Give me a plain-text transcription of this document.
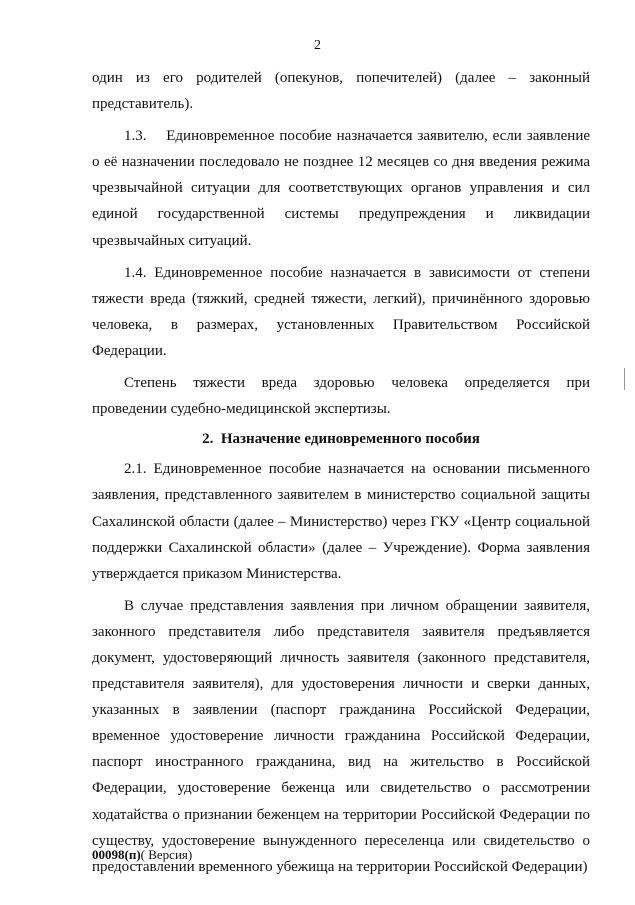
2

один из его родителей (опекунов, попечителей) (далее – законный представитель).

1.3.    Единовременное пособие назначается заявителю, если заявление о её назначении последовало не позднее 12 месяцев со дня введения режима чрезвычайной ситуации для соответствующих органов управления и сил единой государственной системы предупреждения и ликвидации чрезвычайных ситуаций.

1.4. Единовременное пособие назначается в зависимости от степени тяжести вреда (тяжкий, средней тяжести, легкий), причинённого здоровью человека, в размерах, установленных Правительством Российской Федерации.

Степень тяжести вреда здоровью человека определяется при проведении судебно-медицинской экспертизы.

2.  Назначение единовременного пособия

2.1. Единовременное пособие назначается на основании письменного заявления, представленного заявителем в министерство социальной защиты Сахалинской области (далее – Министерство) через ГКУ «Центр социальной поддержки Сахалинской области» (далее – Учреждение). Форма заявления утверждается приказом Министерства.

В случае представления заявления при личном обращении заявителя, законного представителя либо представителя заявителя предъявляется документ, удостоверяющий личность заявителя (законного представителя, представителя заявителя), для удостоверения личности и сверки данных, указанных в заявлении (паспорт гражданина Российской Федерации, временное удостоверение личности гражданина Российской Федерации, паспорт иностранного гражданина, вид на жительство в Российской Федерации, удостоверение беженца или свидетельство о рассмотрении ходатайства о признании беженцем на территории Российской Федерации по существу, удостоверение вынужденного переселенца или свидетельство о предоставлении временного убежища на территории Российской Федерации)

00098(п)( Версия)
